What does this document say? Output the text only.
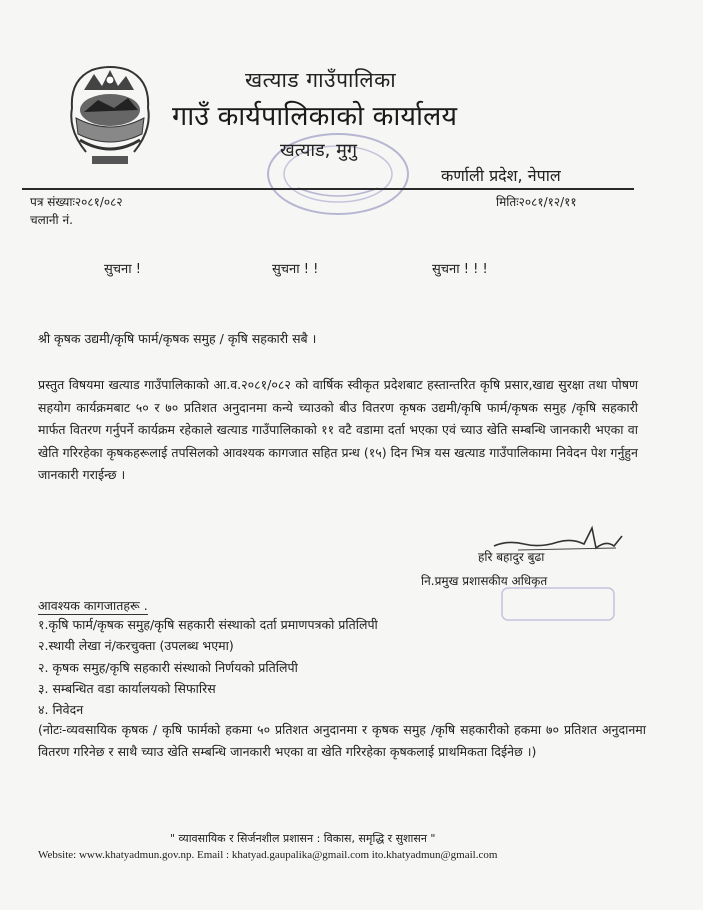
खत्याड गाउँपालिका
गाउँ कार्यपालिकाको कार्यालय
खत्याड, मुगु
कर्णाली प्रदेश, नेपाल
पत्र संख्याः२०८१/०८२	मितिः२०८१/१२/११
चलानी नं.
सुचना !	सुचना ! !	सुचना ! ! !
श्री कृषक उद्यमी/कृषि फार्म/कृषक समुह / कृषि सहकारी सबै ।
प्रस्तुत विषयमा खत्याड गाउँपालिकाको आ.व.२०८१/०८२ को वार्षिक स्वीकृत प्रदेशबाट हस्तान्तरित कृषि प्रसार,खाद्य सुरक्षा तथा पोषण सहयोग कार्यक्रमबाट ५० र ७० प्रतिशत अनुदानमा कन्ये च्याउको बीउ वितरण कृषक उद्यमी/कृषि फार्म/कृषक समुह /कृषि सहकारी मार्फत वितरण गर्नुपर्ने कार्यक्रम रहेकाले खत्याड गाउँपालिकाको ११ वटै वडामा दर्ता भएका एवं च्याउ खेति सम्बन्धि जानकारी भएका वा खेति गरिरहेका कृषकहरूलाई तपसिलको आवश्यक कागजात सहित प्रन्ध (१५) दिन भित्र यस खत्याड गाउँपालिकामा निवेदन पेश गर्नुहुन जानकारी गराईन्छ ।
हरि बहादुर बुढा
नि.प्रमुख प्रशासकीय अधिकृत
आवश्यक कागजातहरू .
१.कृषि फार्म/कृषक समुह/कृषि सहकारी संस्थाको दर्ता प्रमाणपत्रको प्रतिलिपी
२.स्थायी लेखा नं/करचुक्ता (उपलब्ध भएमा)
२. कृषक समुह/कृषि सहकारी संस्थाको निर्णयको प्रतिलिपी
३. सम्बन्धित वडा कार्यालयको सिफारिस
४. निवेदन
(नोटः-व्यवसायिक कृषक / कृषि फार्मको हकमा ५० प्रतिशत अनुदानमा र कृषक समुह /कृषि सहकारीको हकमा ७० प्रतिशत अनुदानमा वितरण गरिनेछ र साथै च्याउ खेति सम्बन्धि जानकारी भएका वा खेति गरिरहेका कृषकलाई प्राथमिकता दिईनेछ ।)
" व्यावसायिक र सिर्जनशील प्रशासन : विकास, समृद्धि र सुशासन "
Website: www.khatyadmun.gov.np. Email : khatyad.gaupalika@gmail.com ito.khatyadmun@gmail.com
